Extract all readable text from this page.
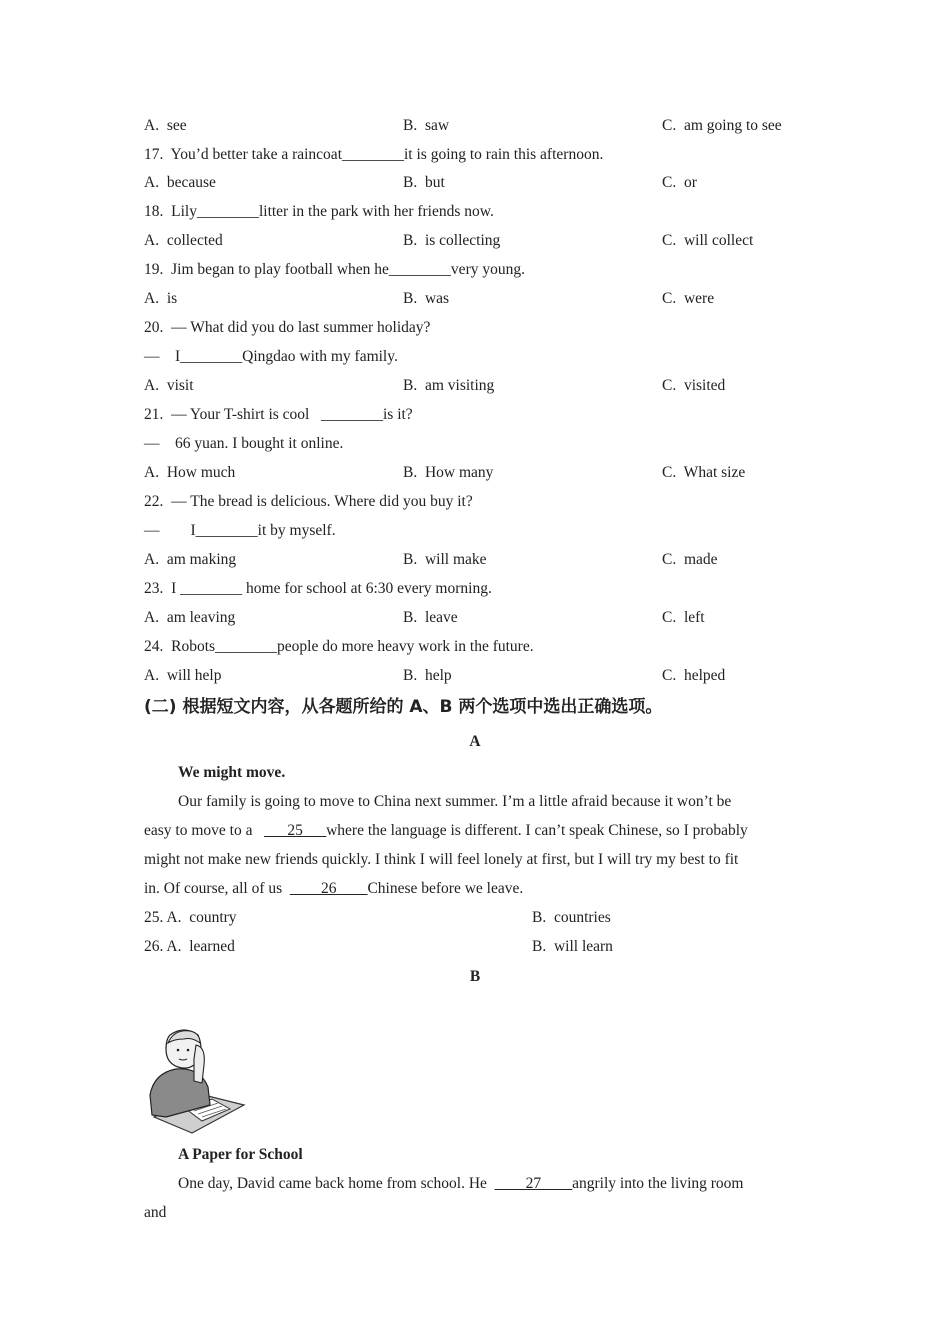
A.  see	B.  saw	C.  am going to see
17.  You’d better take a raincoat________it is going to rain this afternoon.
A.  because	B.  but	C.  or
18.  Lily________litter in the park with her friends now.
A.  collected	B.  is collecting	C.  will collect
19.  Jim began to play football when he________very young.
A.  is	B.  was	C.  were
20.  — What did you do last summer holiday?
—    I________Qingdao with my family.
A.  visit	B.  am visiting	C.  visited
21.  — Your T-shirt is cool   ________is it?
—    66 yuan. I bought it online.
A.  How much	B.  How many	C.  What size
22.  — The bread is delicious. Where did you buy it?
—        I________it by myself.
A.  am making	B.  will make	C.  made
23.  I ________ home for school at 6:30 every morning.
A.  am leaving	B.  leave	C.  left
24.  Robots________people do more heavy work in the future.
A.  will help	B.  help	C.  helped
(二) 根据短文内容，从各题所给的 A、B 两个选项中选出正确选项。
A
We might move.
Our family is going to move to China next summer. I’m a little afraid because it won’t be
easy to move to a   ___25___where the language is different. I can’t speak Chinese, so I probably
might not make new friends quickly. I think I will feel lonely at first, but I will try my best to fit
in. Of course, all of us  ____26____Chinese before we leave.
25. A.  country	B.  countries
26. A.  learned	B.  will learn
B
A Paper for School
One day, David came back home from school. He  ____27____angrily into the living room
and
